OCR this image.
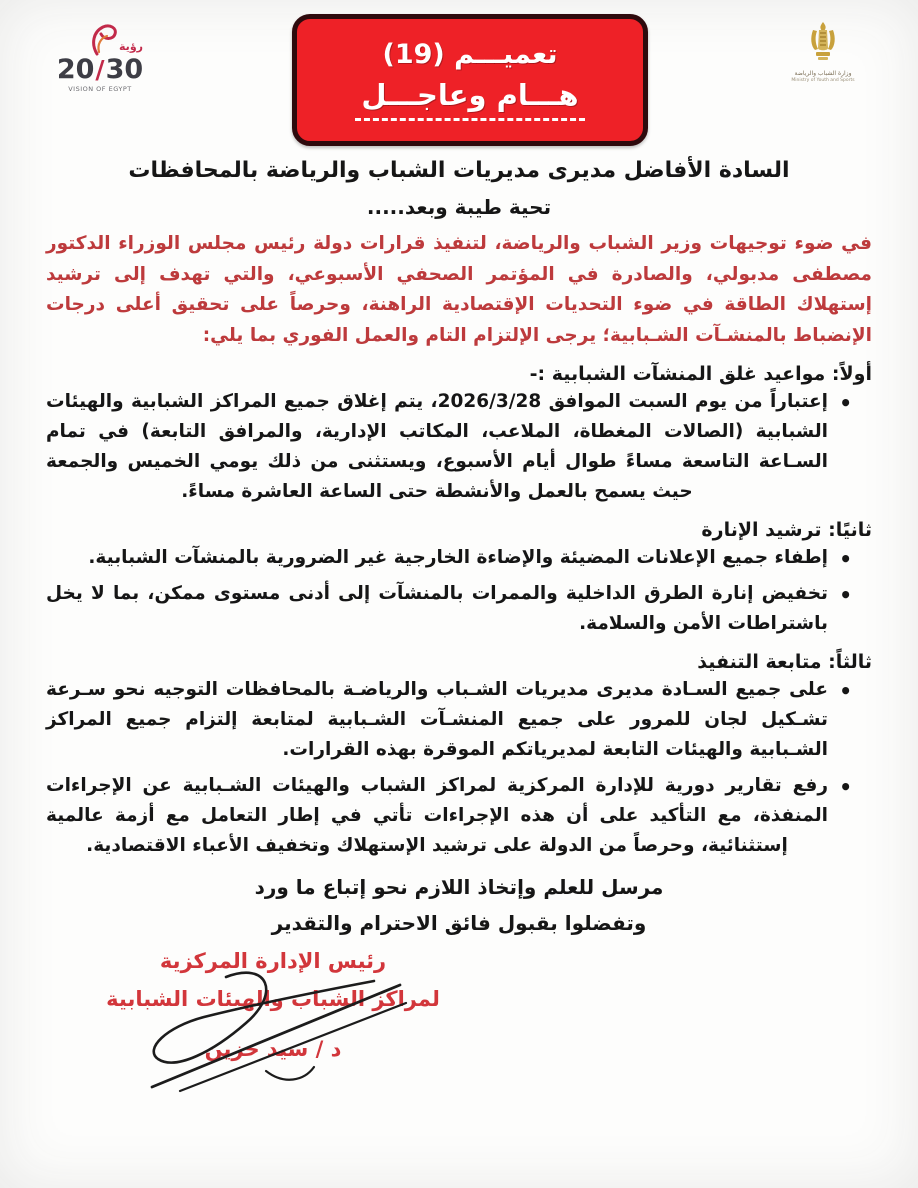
رؤية
20 / 30
VISION OF EGYPT
تعميـــم (19)
هـــام وعاجـــل
وزارة الشباب والرياضة
Ministry of Youth and Sports
السادة الأفاضل مديرى مديريات الشباب والرياضة بالمحافظات
تحية طيبة وبعد.....

في ضوء توجيهات وزير الشباب والرياضة، لتنفيذ قرارات دولة رئيس مجلس الوزراء الدكتور مصطفى مدبولي، والصادرة في المؤتمر الصحفي الأسبوعي، والتي تهدف إلى ترشيد إستهلاك الطاقة في ضوء التحديات الإقتصادية الراهنة، وحرصاً على تحقيق أعلى درجات الإنضباط بالمنشـآت الشـبابية؛ يرجى الإلتزام التام والعمل الفوري بما يلي:

أولاً: مواعيد غلق المنشآت الشبابية :-
• إعتباراً من يوم السبت الموافق 2026/3/28، يتم إغلاق جميع المراكز الشبابية والهيئات الشبابية (الصالات المغطاة، الملاعب، المكاتب الإدارية، والمرافق التابعة) في تمام السـاعة التاسعة مساءً طوال أيام الأسبوع، ويستثنى من ذلك يومي الخميس والجمعة حيث يسمح بالعمل والأنشطة حتى الساعة العاشرة مساءً.
ثانيًا: ترشيد الإنارة
• إطفاء جميع الإعلانات المضيئة والإضاءة الخارجية غير الضرورية بالمنشآت الشبابية.
• تخفيض إنارة الطرق الداخلية والممرات بالمنشآت إلى أدنى مستوى ممكن، بما لا يخل باشتراطات الأمن والسلامة.
ثالثاً: متابعة التنفيذ
• على جميع السـادة مديرى مديريات الشـباب والرياضـة بالمحافظات التوجيه نحو سـرعة تشـكيل لجان للمرور على جميع المنشـآت الشـبابية لمتابعة إلتزام جميع المراكز الشـبابية والهيئات التابعة لمديرياتكم الموقرة بهذه القرارات.
• رفع تقارير دورية للإدارة المركزية لمراكز الشباب والهيئات الشـبابية عن الإجراءات المنفذة، مع التأكيد على أن هذه الإجراءات تأتي في إطار التعامل مع أزمة عالمية إستثنائية، وحرصاً من الدولة على ترشيد الإستهلاك وتخفيف الأعباء الاقتصادية.
مرسل للعلم وإتخاذ اللازم نحو إتباع ما ورد
وتفضلوا بقبول فائق الاحترام والتقدير
رئيس الإدارة المركزية
لمراكز الشباب والهيئات الشبابية
د / سيد حزين
